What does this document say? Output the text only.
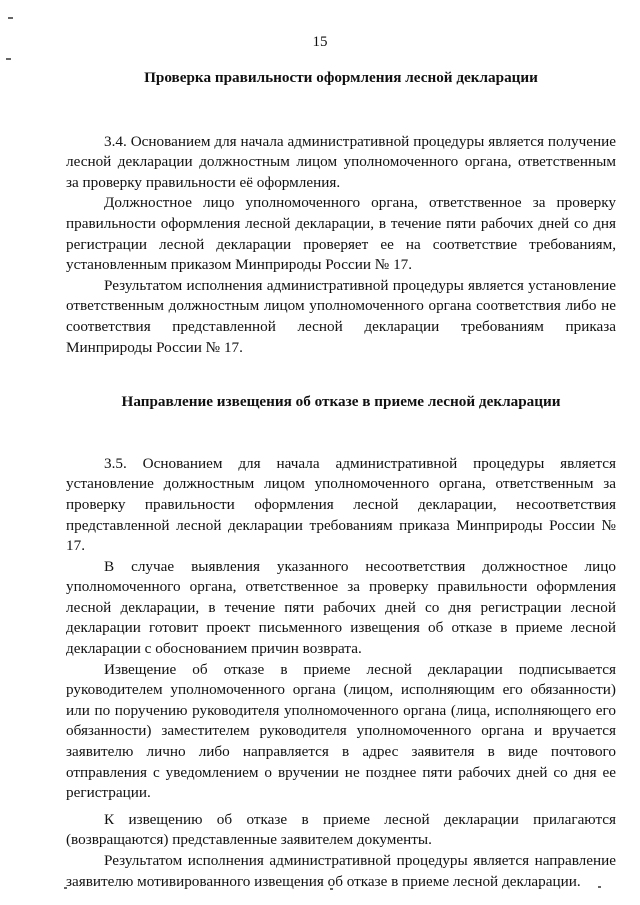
15
Проверка правильности оформления лесной декларации

3.4. Основанием для начала административной процедуры является получение лесной декларации должностным лицом уполномоченного органа, ответственным за проверку правильности её оформления.

Должностное лицо уполномоченного органа, ответственное за проверку правильности оформления лесной декларации, в течение пяти рабочих дней со дня регистрации лесной декларации проверяет ее на соответствие требованиям, установленным приказом Минприроды России № 17.

Результатом исполнения административной процедуры является установление ответственным должностным лицом уполномоченного органа соответствия либо не соответствия представленной лесной декларации требованиям приказа Минприроды России № 17.

Направление извещения об отказе в приеме лесной декларации

3.5. Основанием для начала административной процедуры является установление должностным лицом уполномоченного органа, ответственным за проверку правильности оформления лесной декларации, несоответствия представленной лесной декларации требованиям приказа Минприроды России № 17.

В случае выявления указанного несоответствия должностное лицо уполномоченного органа, ответственное за проверку правильности оформления лесной декларации, в течение пяти рабочих дней со дня регистрации лесной декларации готовит проект письменного извещения об отказе в приеме лесной декларации с обоснованием причин возврата.

Извещение об отказе в приеме лесной декларации подписывается руководителем уполномоченного органа (лицом, исполняющим его обязанности) или по поручению руководителя уполномоченного органа (лица, исполняющего его обязанности) заместителем руководителя уполномоченного органа и вручается заявителю лично либо направляется в адрес заявителя в виде почтового отправления с уведомлением о вручении не позднее пяти рабочих дней со дня ее регистрации.

К извещению об отказе в приеме лесной декларации прилагаются (возвращаются) представленные заявителем документы.

Результатом исполнения административной процедуры является направление заявителю мотивированного извещения об отказе в приеме лесной декларации.
